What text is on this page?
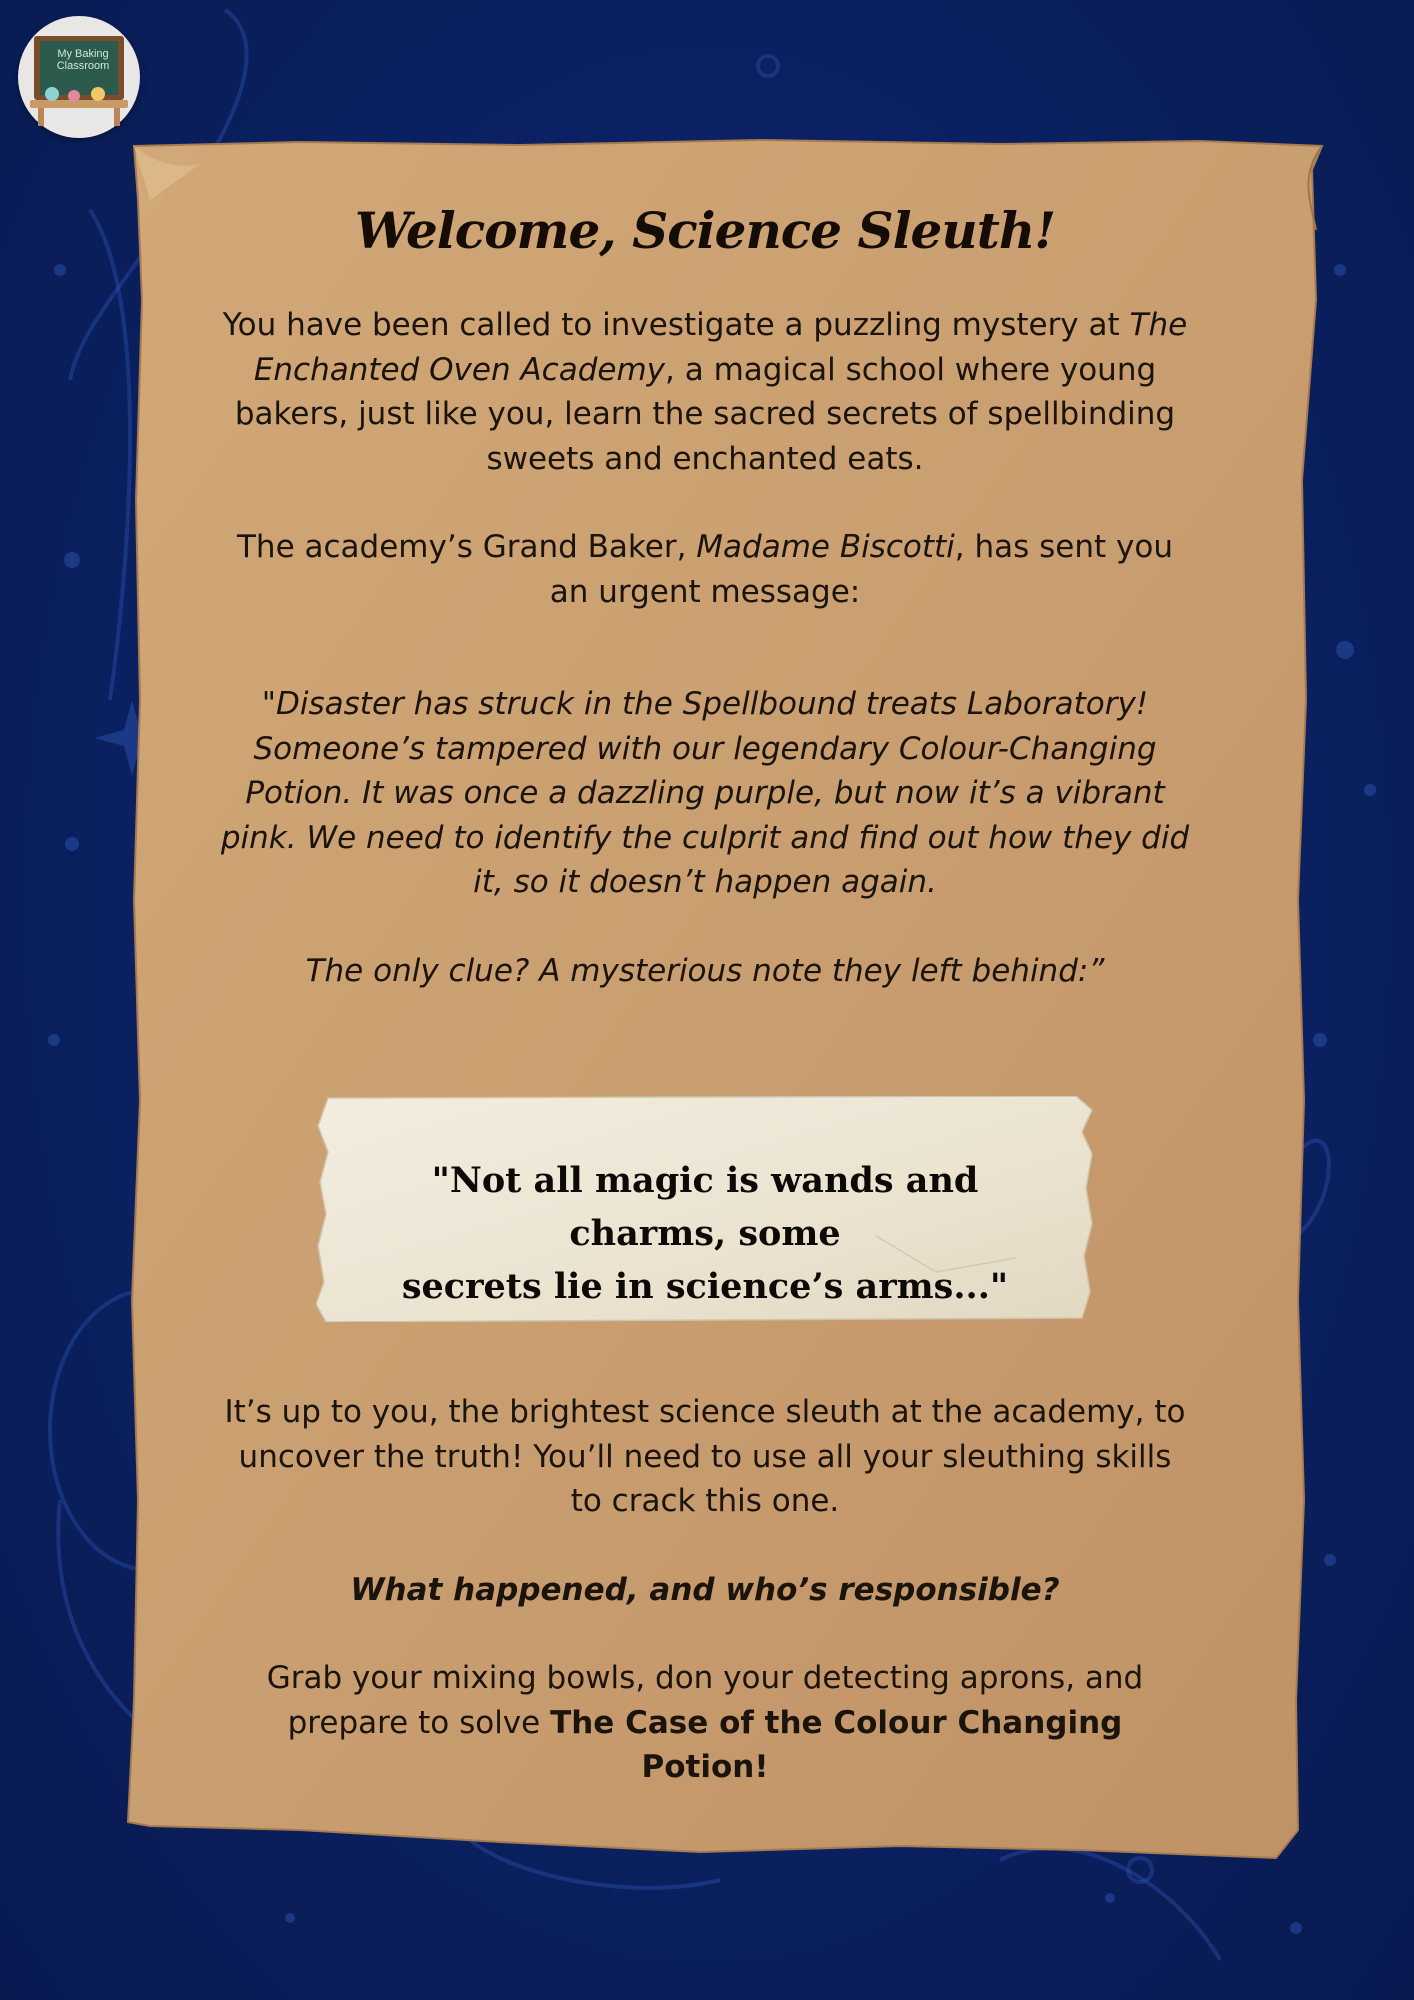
My Baking Classroom
Welcome, Science Sleuth!

You have been called to investigate a puzzling mystery at The Enchanted Oven Academy, a magical school where young bakers, just like you, learn the sacred secrets of spellbinding sweets and enchanted eats.

The academy’s Grand Baker, Madame Biscotti, has sent you an urgent message:

"Disaster has struck in the Spellbound treats Laboratory! Someone’s tampered with our legendary Colour-Changing Potion. It was once a dazzling purple, but now it’s a vibrant pink. We need to identify the culprit and find out how they did it, so it doesn’t happen again.

The only clue? A mysterious note they left behind:”

"Not all magic is wands and charms, some
secrets lie in science’s arms..."

It’s up to you, the brightest science sleuth at the academy, to uncover the truth! You’ll need to use all your sleuthing skills to crack this one.

What happened, and who’s responsible?

Grab your mixing bowls, don your detecting aprons, and prepare to solve The Case of the Colour Changing Potion!
